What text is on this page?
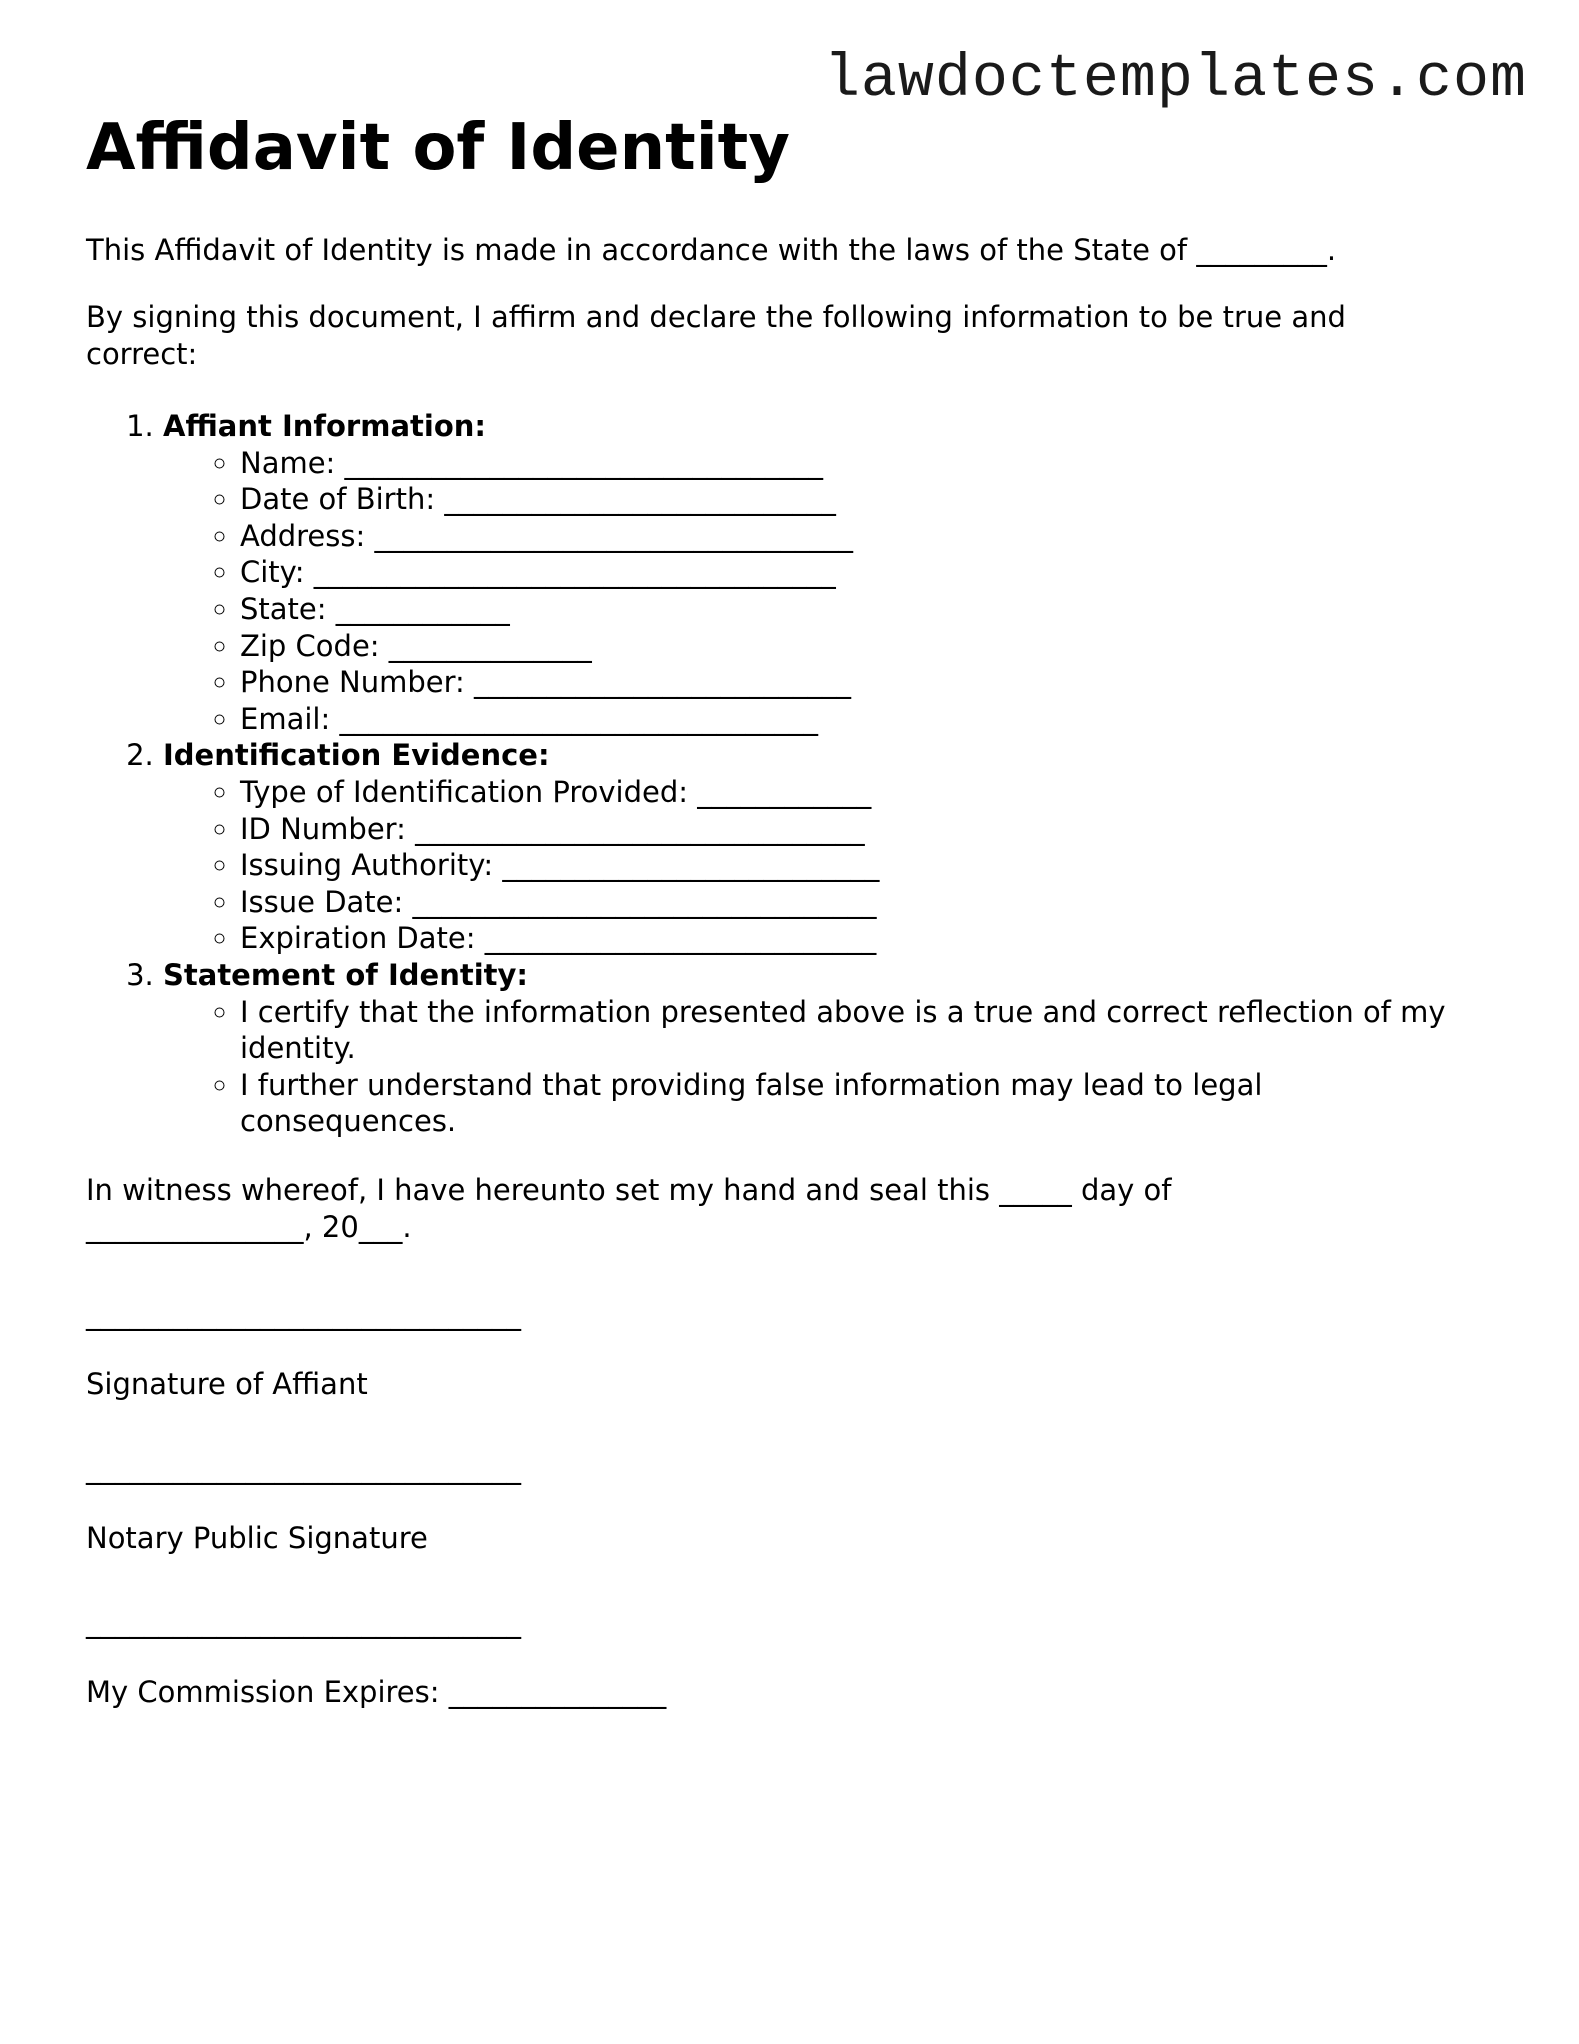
lawdoctemplates.com
Affidavit of Identity

This Affidavit of Identity is made in accordance with the laws of the State of _________.

By signing this document, I affirm and declare the following information to be true and correct:

1. Affiant Information:
◦ Name: _________________________________
◦ Date of Birth: ___________________________
◦ Address: _________________________________
◦ City: ____________________________________
◦ State: ____________
◦ Zip Code: ______________
◦ Phone Number: __________________________
◦ Email: _________________________________
2. Identification Evidence:
◦ Type of Identification Provided: ____________
◦ ID Number: _______________________________
◦ Issuing Authority: __________________________
◦ Issue Date: ________________________________
◦ Expiration Date: ___________________________
3. Statement of Identity:
◦ I certify that the information presented above is a true and correct reflection of my identity.
◦ I further understand that providing false information may lead to legal consequences.

In witness whereof, I have hereunto set my hand and seal this _____ day of _______________, 20___.

______________________________

Signature of Affiant

______________________________

Notary Public Signature

______________________________

My Commission Expires: _______________
